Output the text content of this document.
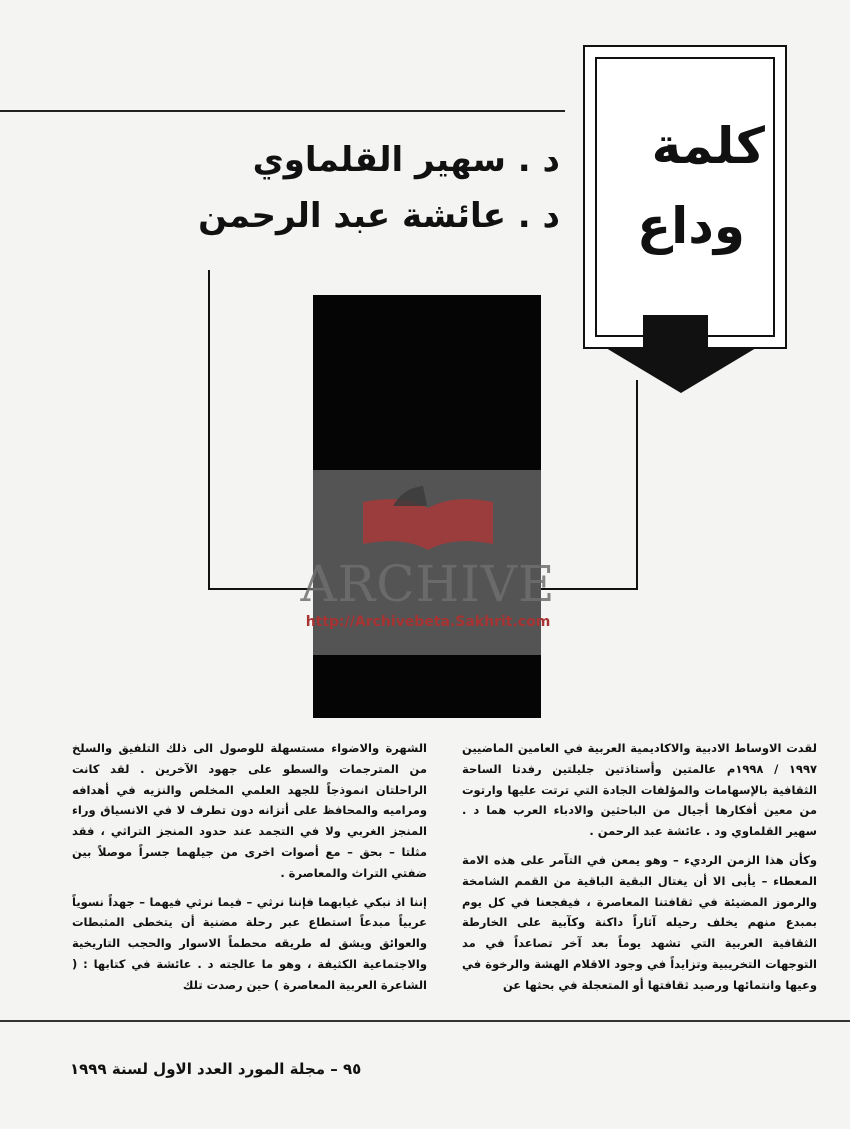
كلمة
وداع
د . سهير القلماوي
د . عائشة عبد الرحمن
ARCHIVE
http://Archivebeta.Sakhrit.com

لقدت الاوساط الادبية والاكاديمية العربية في العامين الماضيين ١٩٩٧ / ١٩٩٨م عالمتين وأستاذتين جليلتين رفدتا الساحة الثقافية بالإسهامات والمؤلفات الجادة التي ترتت عليها وارتوت من معين أفكارها أجيال من الباحثين والادباء العرب هما د . سهير القلماوي ود . عائشة عبد الرحمن .

وكأن هذا الزمن الرديء – وهو يمعن في التآمر على هذه الامة المعطاء – يأبى الا أن يغتال البقية الباقية من القمم الشامخة والرموز المضيئة في ثقافتنا المعاصرة ، فيفجعنا في كل يوم بمبدع منهم يخلف رحيله آثاراً داكنة وكآبية على الخارطة الثقافية العربية التي تشهد يوماً بعد آخر تصاعداً في مد التوجهات التخريبية وتزايداً في وجود الاقلام الهشة والرخوة في وعيها وانتمائها ورصيد ثقافتها أو المتعجلة في بحثها عن

الشهرة والاضواء مستسهلة للوصول الى ذلك التلفيق والسلخ من المترجمات والسطو على جهود الآخرين . لقد كانت الراحلتان انموذجاً للجهد العلمي المخلص والنزيه في أهدافه ومراميه والمحافظ على أتزانه دون تطرف لا في الانسياق وراء المنجز الغربي ولا في التجمد عند حدود المنجز التراثي ، فقد مثلتا – بحق – مع أصوات اخرى من جيلهما جسراً موصلاً بين ضفتي التراث والمعاصرة .

إننا اذ نبكي غيابهما فإننا نرثي – فيما نرثي فيهما – جهداً نسوياً عربياً مبدعاً استطاع عبر رحلة مضنية أن يتخطى المثبطات والعوائق ويشق له طريقه محطماً الاسوار والحجب التاريخية والاجتماعية الكثيفة ، وهو ما عالجته د . عائشة في كتابها : ( الشاعرة العربية المعاصرة ) حين رصدت تلك

٩٥ – مجلة المورد العدد الاول لسنة ١٩٩٩
